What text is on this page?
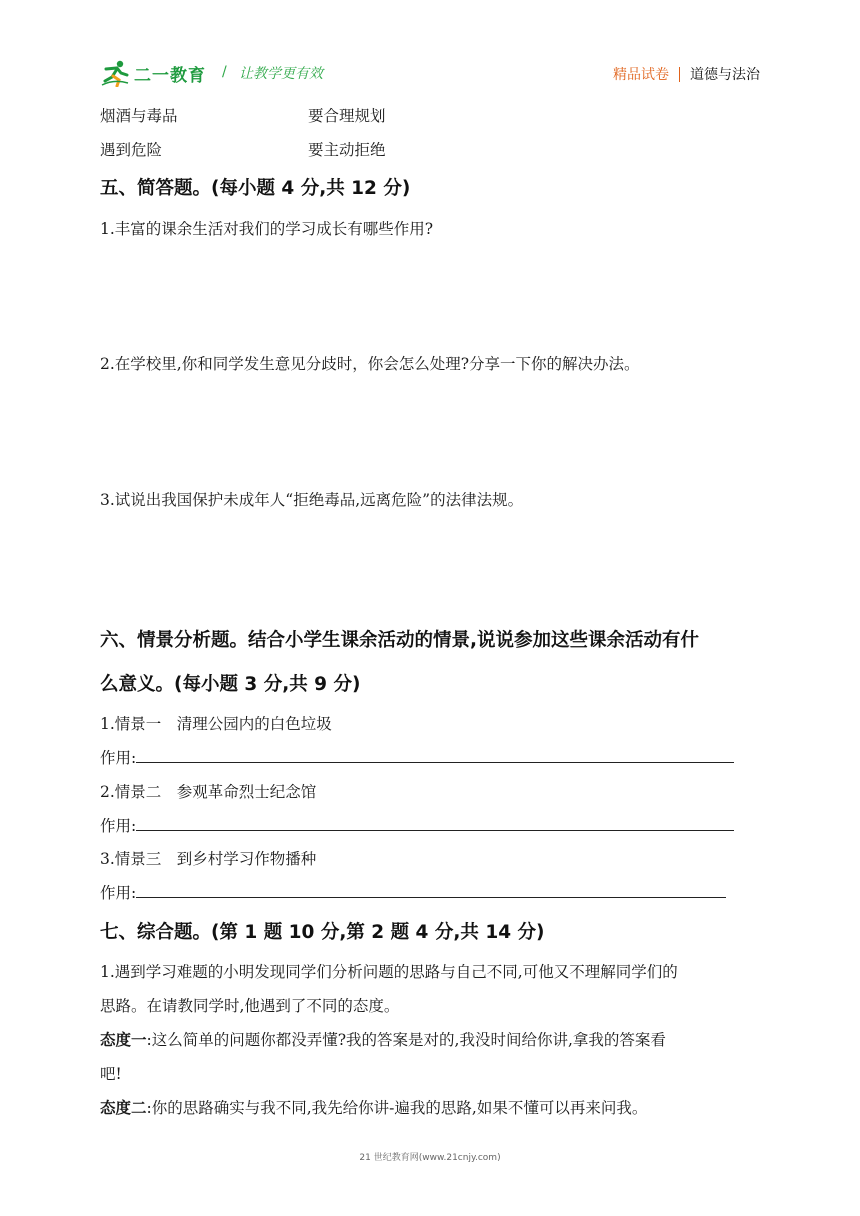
二一教育 / 让教学更有效	精品试卷 道德与法治
烟酒与毒品	要合理规划
遇到危险	要主动拒绝
五、简答题。(每小题 4 分,共 12 分)
1.丰富的课余生活对我们的学习成长有哪些作用?
2.在学校里,你和同学发生意见分歧时，你会怎么处理?分享一下你的解决办法。
3.试说出我国保护未成年人“拒绝毒品,远离危险”的法律法规。
六、情景分析题。结合小学生课余活动的情景,说说参加这些课余活动有什
么意义。(每小题 3 分,共 9 分)
1.情景一　清理公园内的白色垃圾
作用:
2.情景二　参观革命烈士纪念馆
作用:
3.情景三　到乡村学习作物播种
作用:
七、综合题。(第 1 题 10 分,第 2 题 4 分,共 14 分)
1.遇到学习难题的小明发现同学们分析问题的思路与自己不同,可他又不理解同学们的
思路。在请教同学时,他遇到了不同的态度。
态度一:这么简单的问题你都没弄懂?我的答案是对的,我没时间给你讲,拿我的答案看
吧!
态度二:你的思路确实与我不同,我先给你讲-遍我的思路,如果不懂可以再来问我。
21 世纪教育网(www.21cnjy.com)
